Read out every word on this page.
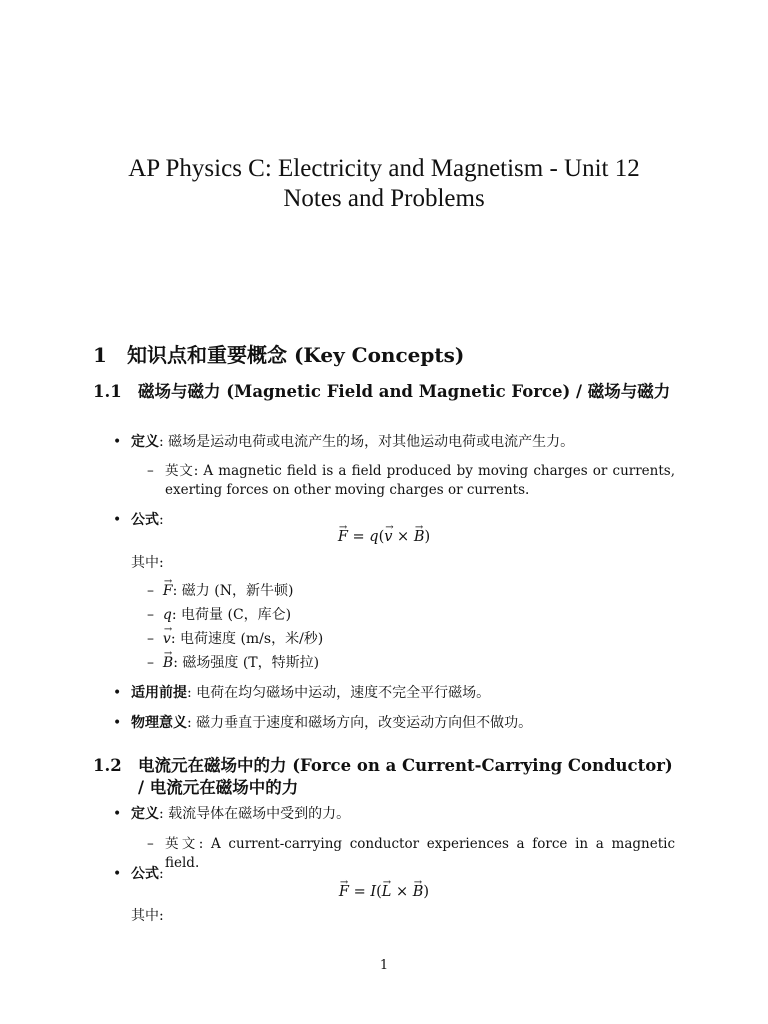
AP Physics C: Electricity and Magnetism - Unit 12
Notes and Problems
1 知识点和重要概念 (Key Concepts)
1.1 磁场与磁力 (Magnetic Field and Magnetic Force) / 磁场与磁力
• 定义: 磁场是运动电荷或电流产生的场，对其他运动电荷或电流产生力。
– 英文: A magnetic field is a field produced by moving charges or currents, exerting forces on other moving charges or currents.
• 公式:
→ F = q(→ v × → B)
其中:
– → F: 磁力 (N，新牛顿)
– q: 电荷量 (C，库仑)
– → v: 电荷速度 (m/s，米/秒)
– → B: 磁场强度 (T，特斯拉)
• 适用前提: 电荷在均匀磁场中运动，速度不完全平行磁场。
• 物理意义: 磁力垂直于速度和磁场方向，改变运动方向但不做功。
1.2 电流元在磁场中的力 (Force on a Current-Carrying Conductor) / 电流元在磁场中的力
• 定义: 载流导体在磁场中受到的力。
– 英文: A current-carrying conductor experiences a force in a magnetic field.
• 公式:
→ F = I(→ L × → B)
其中:
1
